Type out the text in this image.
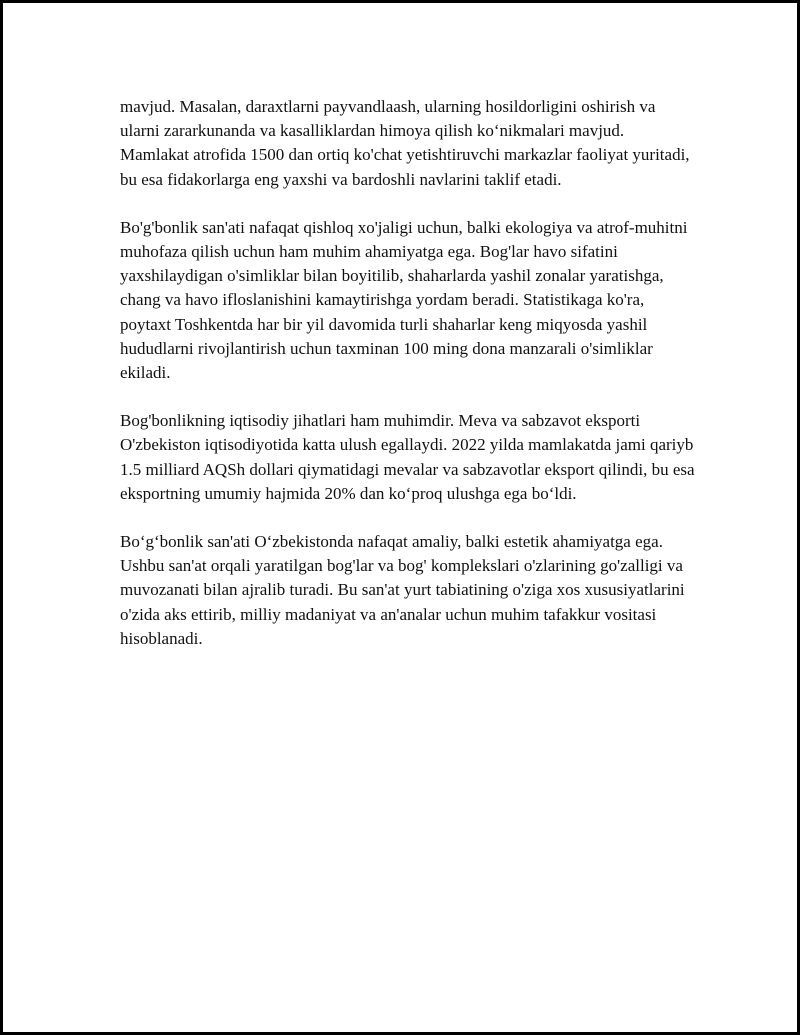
mavjud. Masalan, daraxtlarni payvandlaash, ularning hosildorligini oshirish va ularni zararkunanda va kasalliklardan himoya qilish ko‘nikmalari mavjud. Mamlakat atrofida 1500 dan ortiq ko'chat yetishtiruvchi markazlar faoliyat yuritadi, bu esa fidakorlarga eng yaxshi va bardoshli navlarini taklif etadi.

Bo'g'bonlik san'ati nafaqat qishloq xo'jaligi uchun, balki ekologiya va atrof-muhitni muhofaza qilish uchun ham muhim ahamiyatga ega. Bog'lar havo sifatini yaxshilaydigan o'simliklar bilan boyitilib, shaharlarda yashil zonalar yaratishga, chang va havo ifloslanishini kamaytirishga yordam beradi. Statistikaga ko'ra, poytaxt Toshkentda har bir yil davomida turli shaharlar keng miqyosda yashil hududlarni rivojlantirish uchun taxminan 100 ming dona manzarali o'simliklar ekiladi.

Bog'bonlikning iqtisodiy jihatlari ham muhimdir. Meva va sabzavot eksporti O'zbekiston iqtisodiyotida katta ulush egallaydi. 2022 yilda mamlakatda jami qariyb 1.5 milliard AQSh dollari qiymatidagi mevalar va sabzavotlar eksport qilindi, bu esa eksportning umumiy hajmida 20% dan ko‘proq ulushga ega bo‘ldi.

Bo‘g‘bonlik san'ati O‘zbekistonda nafaqat amaliy, balki estetik ahamiyatga ega. Ushbu san'at orqali yaratilgan bog'lar va bog' komplekslari o'zlarining go'zalligi va muvozanati bilan ajralib turadi. Bu san'at yurt tabiatining o'ziga xos xususiyatlarini o'zida aks ettirib, milliy madaniyat va an'analar uchun muhim tafakkur vositasi hisoblanadi.
